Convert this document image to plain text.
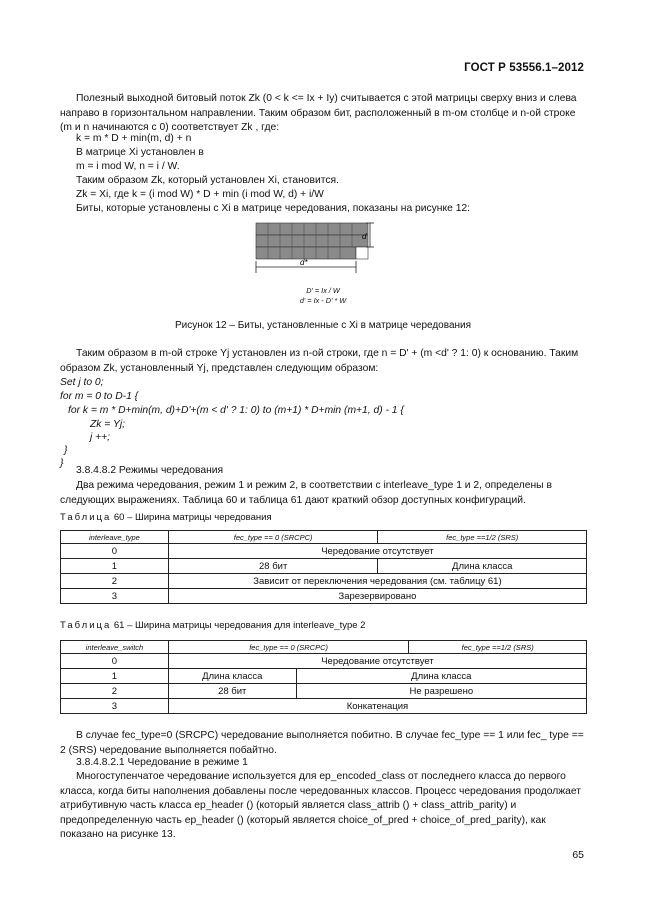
ГОСТ Р 53556.1–2012
Полезный выходной битовый поток Zk (0 < k <= Ix + Iy) считывается с этой матрицы сверху вниз и слева направо в горизонтальном направлении. Таким образом бит, расположенный в m-ом столбце и n-ой строке (m и n начинаются с 0) соответствует Zk , где:
k = m * D + min(m, d) + n
В матрице Xi установлен в
m = i mod W, n = i / W.
Таким образом Zk, который установлен Xi, становится.
Zk = Xi, где k = (i mod W) * D + min (i mod W, d) + i/W
Биты, которые установлены с Xi в матрице чередования, показаны на рисунке 12:
d
d*
D' = Ix / W
d' = Ix - D' * W
Рисунок 12 – Биты, установленные с Xi в матрице чередования
Таким образом в m-ой строке Yj установлен из n-ой строки, где n = D' + (m <d' ? 1: 0) к основанию. Таким образом Zk, установленный Yj, представлен следующим образом:
Set j to 0;
for m = 0 to D-1 {
for k = m * D+min(m, d)+D'+(m < d' ? 1: 0) to (m+1) * D+min (m+1, d) - 1 {
Zk = Yj;
j ++;
}
}
3.8.4.8.2 Режимы чередования
Два режима чередования, режим 1 и режим 2, в соответствии с interleave_type 1 и 2, определены в следующих выражениях. Таблица 60 и таблица 61 дают краткий обзор доступных конфигураций.
Таблица 60 – Ширина матрицы чередования
interleave_type	fec_type == 0 (SRCPC)	fec_type ==1/2 (SRS)
0	Чередование отсутствует	
1	28 бит	Длина класса
2	Зависит от переключения чередования (см. таблицу 61)	
3	Зарезервировано	
Таблица 61 – Ширина матрицы чередования для interleave_type 2
interleave_switch	fec_type == 0 (SRCPC)		fec_type ==1/2 (SRS)
0	Чередование отсутствует		
1	Длина класса	Длина класса	
2	28 бит	Не разрешено	
3	Конкатенация		
В случае fec_type=0 (SRCPC) чередование выполняется побитно. В случае fec_type == 1 или fec_ type == 2 (SRS) чередование выполняется побайтно.
3.8.4.8.2.1 Чередование в режиме 1
Многоступенчатое чередование используется для ep_encoded_class от последнего класса до первого класса, когда биты наполнения добавлены после чередованных классов. Процесс чередования продолжает атрибутивную часть класса ep_header () (который является class_attrib () + class_attrib_parity) и предопределенную часть ep_header () (который является choice_of_pred + choice_of_pred_parity), как показано на рисунке 13.
65
